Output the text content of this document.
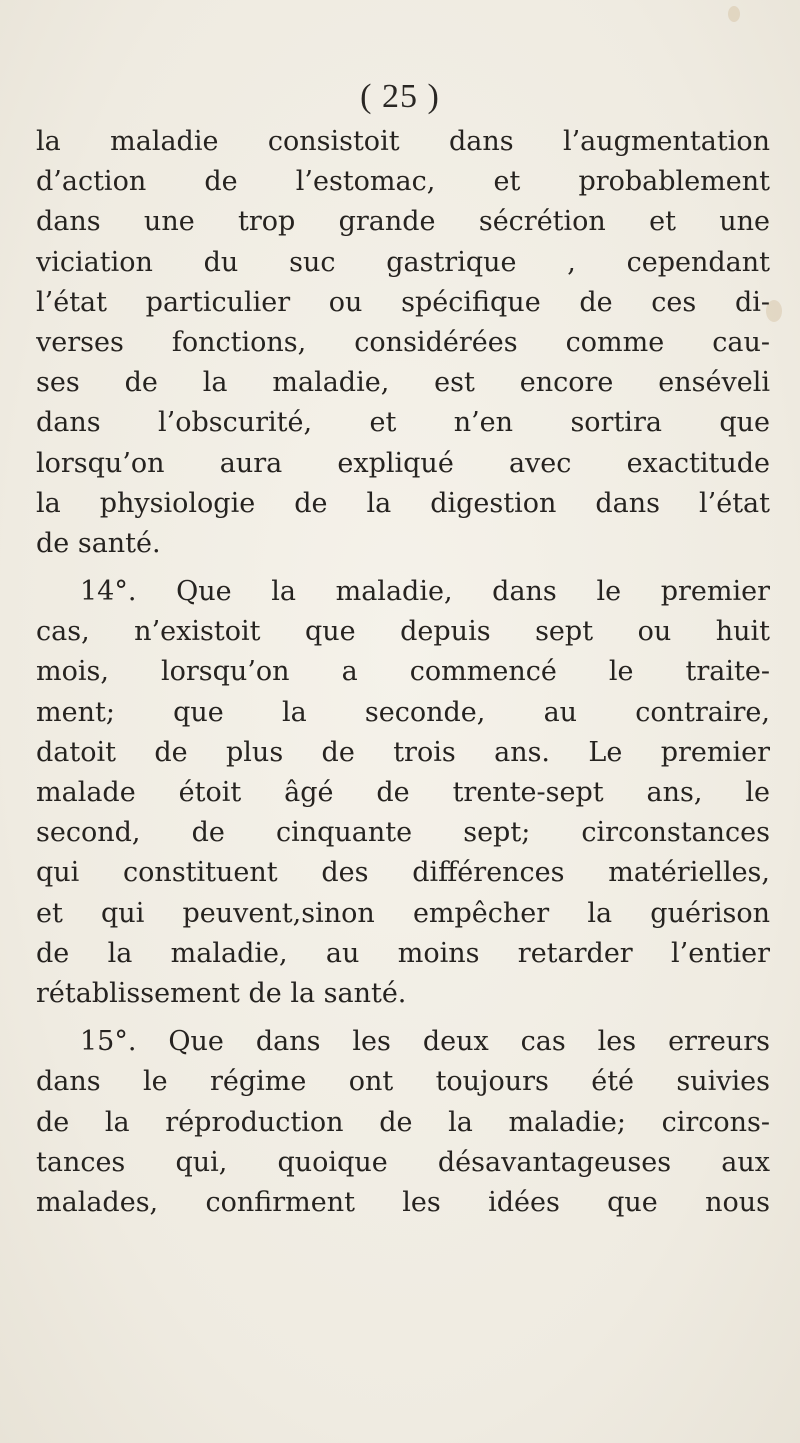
( 25 )
la maladie consistoit dans l’augmentation
d’action de l’estomac, et probablement
dans une trop grande sécrétion et une
viciation du suc gastrique , cependant
l’état particulier ou spécifique de ces di-
verses fonctions, considérées comme cau-
ses de la maladie, est encore enséveli
dans l’obscurité, et n’en sortira que
lorsqu’on aura expliqué avec exactitude
la physiologie de la digestion dans l’état
de santé.
14°. Que la maladie, dans le premier
cas, n’existoit que depuis sept ou huit
mois, lorsqu’on a commencé le traite-
ment; que la seconde, au contraire,
datoit de plus de trois ans. Le premier
malade étoit âgé de trente-sept ans, le
second, de cinquante sept; circonstances
qui constituent des différences matérielles,
et qui peuvent,sinon empêcher la guérison
de la maladie, au moins retarder l’entier
rétablissement de la santé.
15°. Que dans les deux cas les erreurs
dans le régime ont toujours été suivies
de la réproduction de la maladie; circons-
tances qui, quoique désavantageuses aux
malades, confirment les idées que nous
